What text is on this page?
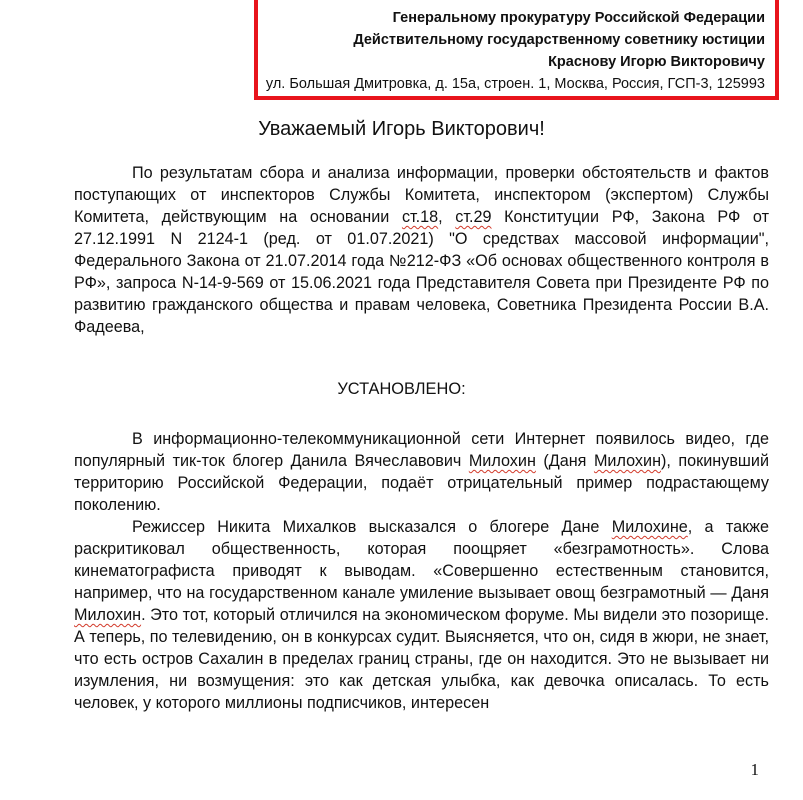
Генеральному прокуратуру Российской Федерации
Действительному государственному советнику юстиции
Краснову Игорю Викторовичу
ул. Большая Дмитровка, д. 15а, строен. 1, Москва, Россия, ГСП-3, 125993
Уважаемый Игорь Викторович!

По результатам сбора и анализа информации, проверки обстоятельств и фактов поступающих от инспекторов Службы Комитета, инспектором (экспертом) Службы Комитета, действующим на основании ст.18, ст.29 Конституции РФ, Закона РФ от 27.12.1991 N 2124-1 (ред. от 01.07.2021) "О средствах массовой информации", Федерального Закона от 21.07.2014 года №212-ФЗ «Об основах общественного контроля в РФ», запроса N-14-9-569 от 15.06.2021 года Представителя Совета при Президенте РФ по развитию гражданского общества и правам человека, Советника Президента России В.А. Фадеева,

УСТАНОВЛЕНО:

В информационно-телекоммуникационной сети Интернет появилось видео, где популярный тик-ток блогер Данила Вячеславович Милохин (Даня Милохин), покинувший территорию Российской Федерации, подаёт отрицательный пример подрастающему поколению.

Режиссер Никита Михалков высказался о блогере Дане Милохине, а также раскритиковал общественность, которая поощряет «безграмотность». Слова кинематографиста приводят к выводам. «Совершенно естественным становится, например, что на государственном канале умиление вызывает овощ безграмотный — Даня Милохин. Это тот, который отличился на экономическом форуме. Мы видели это позорище. А теперь, по телевидению, он в конкурсах судит. Выясняется, что он, сидя в жюри, не знает, что есть остров Сахалин в пределах границ страны, где он находится. Это не вызывает ни изумления, ни возмущения: это как детская улыбка, как девочка описалась. То есть человек, у которого миллионы подписчиков, интересен

1
